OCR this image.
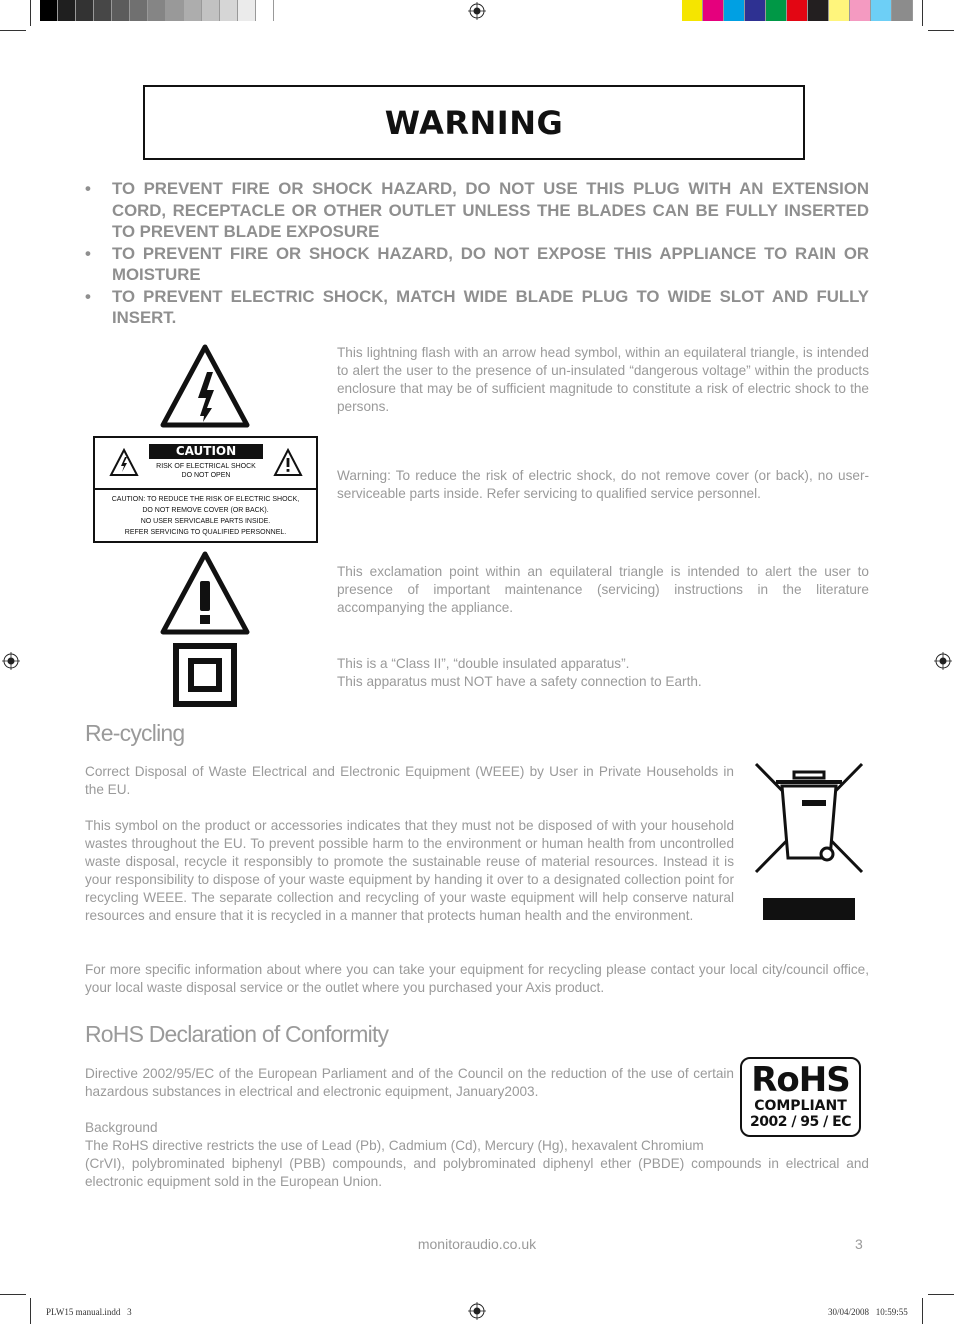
WARNING
• TO PREVENT FIRE OR SHOCK HAZARD, DO NOT USE THIS PLUG WITH AN EXTENSION CORD, RECEPTACLE OR OTHER OUTLET UNLESS THE BLADES CAN BE FULLY INSERTED TO PREVENT BLADE EXPOSURE
• TO PREVENT FIRE OR SHOCK HAZARD, DO NOT EXPOSE THIS APPLIANCE TO RAIN OR MOISTURE
• TO PREVENT ELECTRIC SHOCK, MATCH WIDE BLADE PLUG TO WIDE SLOT AND FULLY INSERT.
This lightning flash with an arrow head symbol, within an equilateral triangle, is intended to alert the user to the presence of un-insulated “dangerous voltage” within the products enclosure that may be of sufficient magnitude to constitute a risk of electric shock to the persons.
CAUTION
RISK OF ELECTRICAL SHOCK
DO NOT OPEN
CAUTION: TO REDUCE THE RISK OF ELECTRIC SHOCK,
DO NOT REMOVE COVER (OR BACK).
NO USER SERVICABLE PARTS INSIDE.
REFER SERVICING TO QUALIFIED PERSONNEL.
Warning: To reduce the risk of electric shock, do not remove cover (or back), no user-serviceable parts inside. Refer servicing to qualified service personnel.
This exclamation point within an equilateral triangle is intended to alert the user to presence of important maintenance (servicing) instructions in the literature accompanying the appliance.
This is a “Class II”, “double insulated apparatus”.
This apparatus must NOT have a safety connection to Earth.
Re-cycling
Correct Disposal of Waste Electrical and Electronic Equipment (WEEE) by User in Private Households in the EU.
This symbol on the product or accessories indicates that they must not be disposed of with your household wastes throughout the EU. To prevent possible harm to the environment or human health from uncontrolled waste disposal, recycle it responsibly to promote the sustainable reuse of material resources. Instead it is your responsibility to dispose of your waste equipment by handing it over to a designated collection point for recycling WEEE. The separate collection and recycling of your waste equipment will help conserve natural resources and ensure that it is recycled in a manner that protects human health and the environment.
For more specific information about where you can take your equipment for recycling please contact your local city/council office, your local waste disposal service or the outlet where you purchased your Axis product.
RoHS Declaration of Conformity
Directive 2002/95/EC of the European Parliament and of the Council on the reduction of the use of certain hazardous substances in electrical and electronic equipment, January2003.
Background
The RoHS directive restricts the use of Lead (Pb), Cadmium (Cd), Mercury (Hg), hexavalent Chromium
(CrVI), polybrominated biphenyl (PBB) compounds, and polybrominated diphenyl ether (PBDE) compounds in electrical and electronic equipment sold in the European Union.
RoHS
COMPLIANT
2002 / 95 / EC
monitoraudio.co.uk	3
PLW15 manual.indd   3	30/04/2008   10:59:55
